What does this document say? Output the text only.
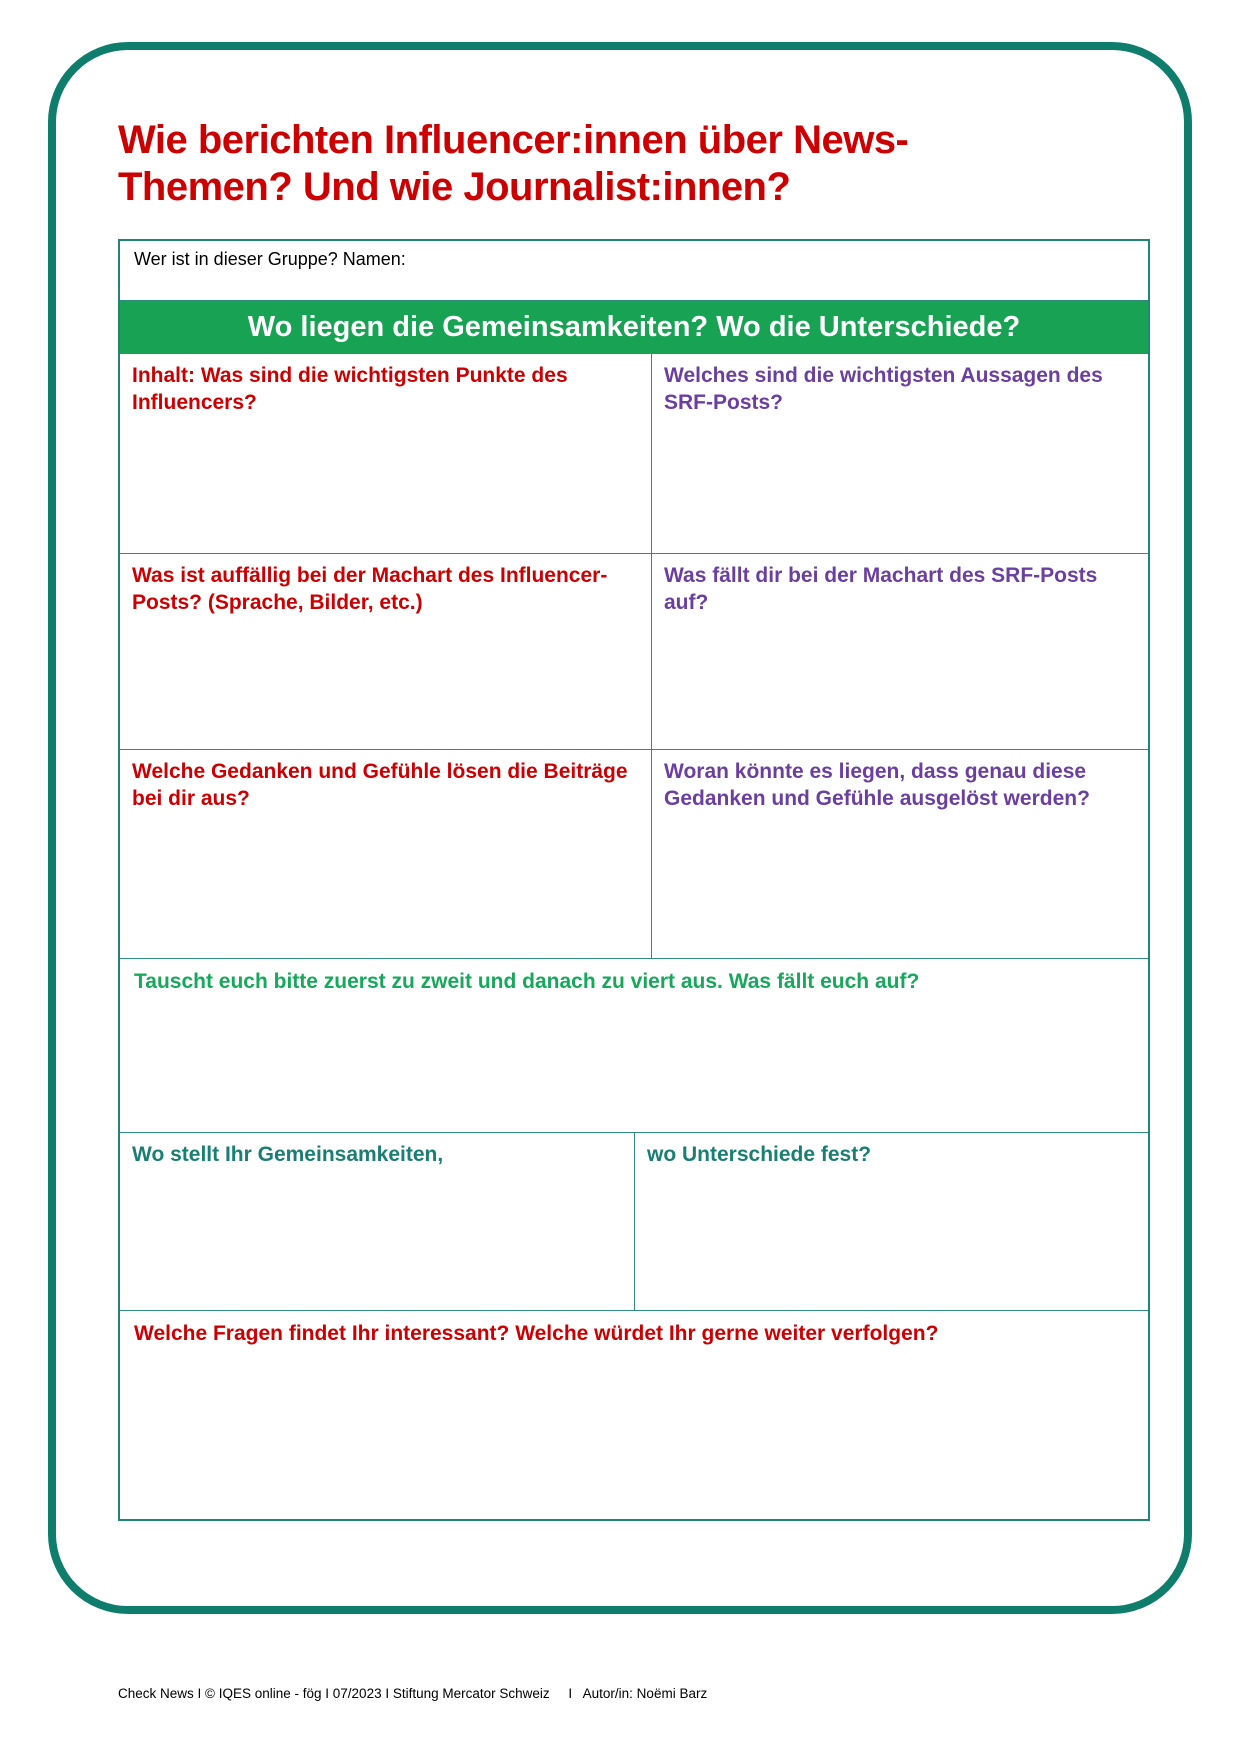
Wie berichten Influencer:innen über News-Themen? Und wie Journalist:innen?
Wer ist in dieser Gruppe? Namen:
Wo liegen die Gemeinsamkeiten? Wo die Unterschiede?
Inhalt: Was sind die wichtigsten Punkte des Influencers?
Welches sind die wichtigsten Aussagen des SRF-Posts?
Was ist auffällig bei der Machart des Influencer-Posts? (Sprache, Bilder, etc.)
Was fällt dir bei der Machart des SRF-Posts auf?
Welche Gedanken und Gefühle lösen die Beiträge bei dir aus?
Woran könnte es liegen, dass genau diese Gedanken und Gefühle ausgelöst werden?
Tauscht euch bitte zuerst zu zweit und danach zu viert aus. Was fällt euch auf?
Wo stellt Ihr Gemeinsamkeiten,	wo Unterschiede fest?
Welche Fragen findet Ihr interessant? Welche würdet Ihr gerne weiter verfolgen?
Check News I © IQES online - fög I 07/2023 I Stiftung Mercator Schweiz     I   Autor/in: Noëmi Barz
